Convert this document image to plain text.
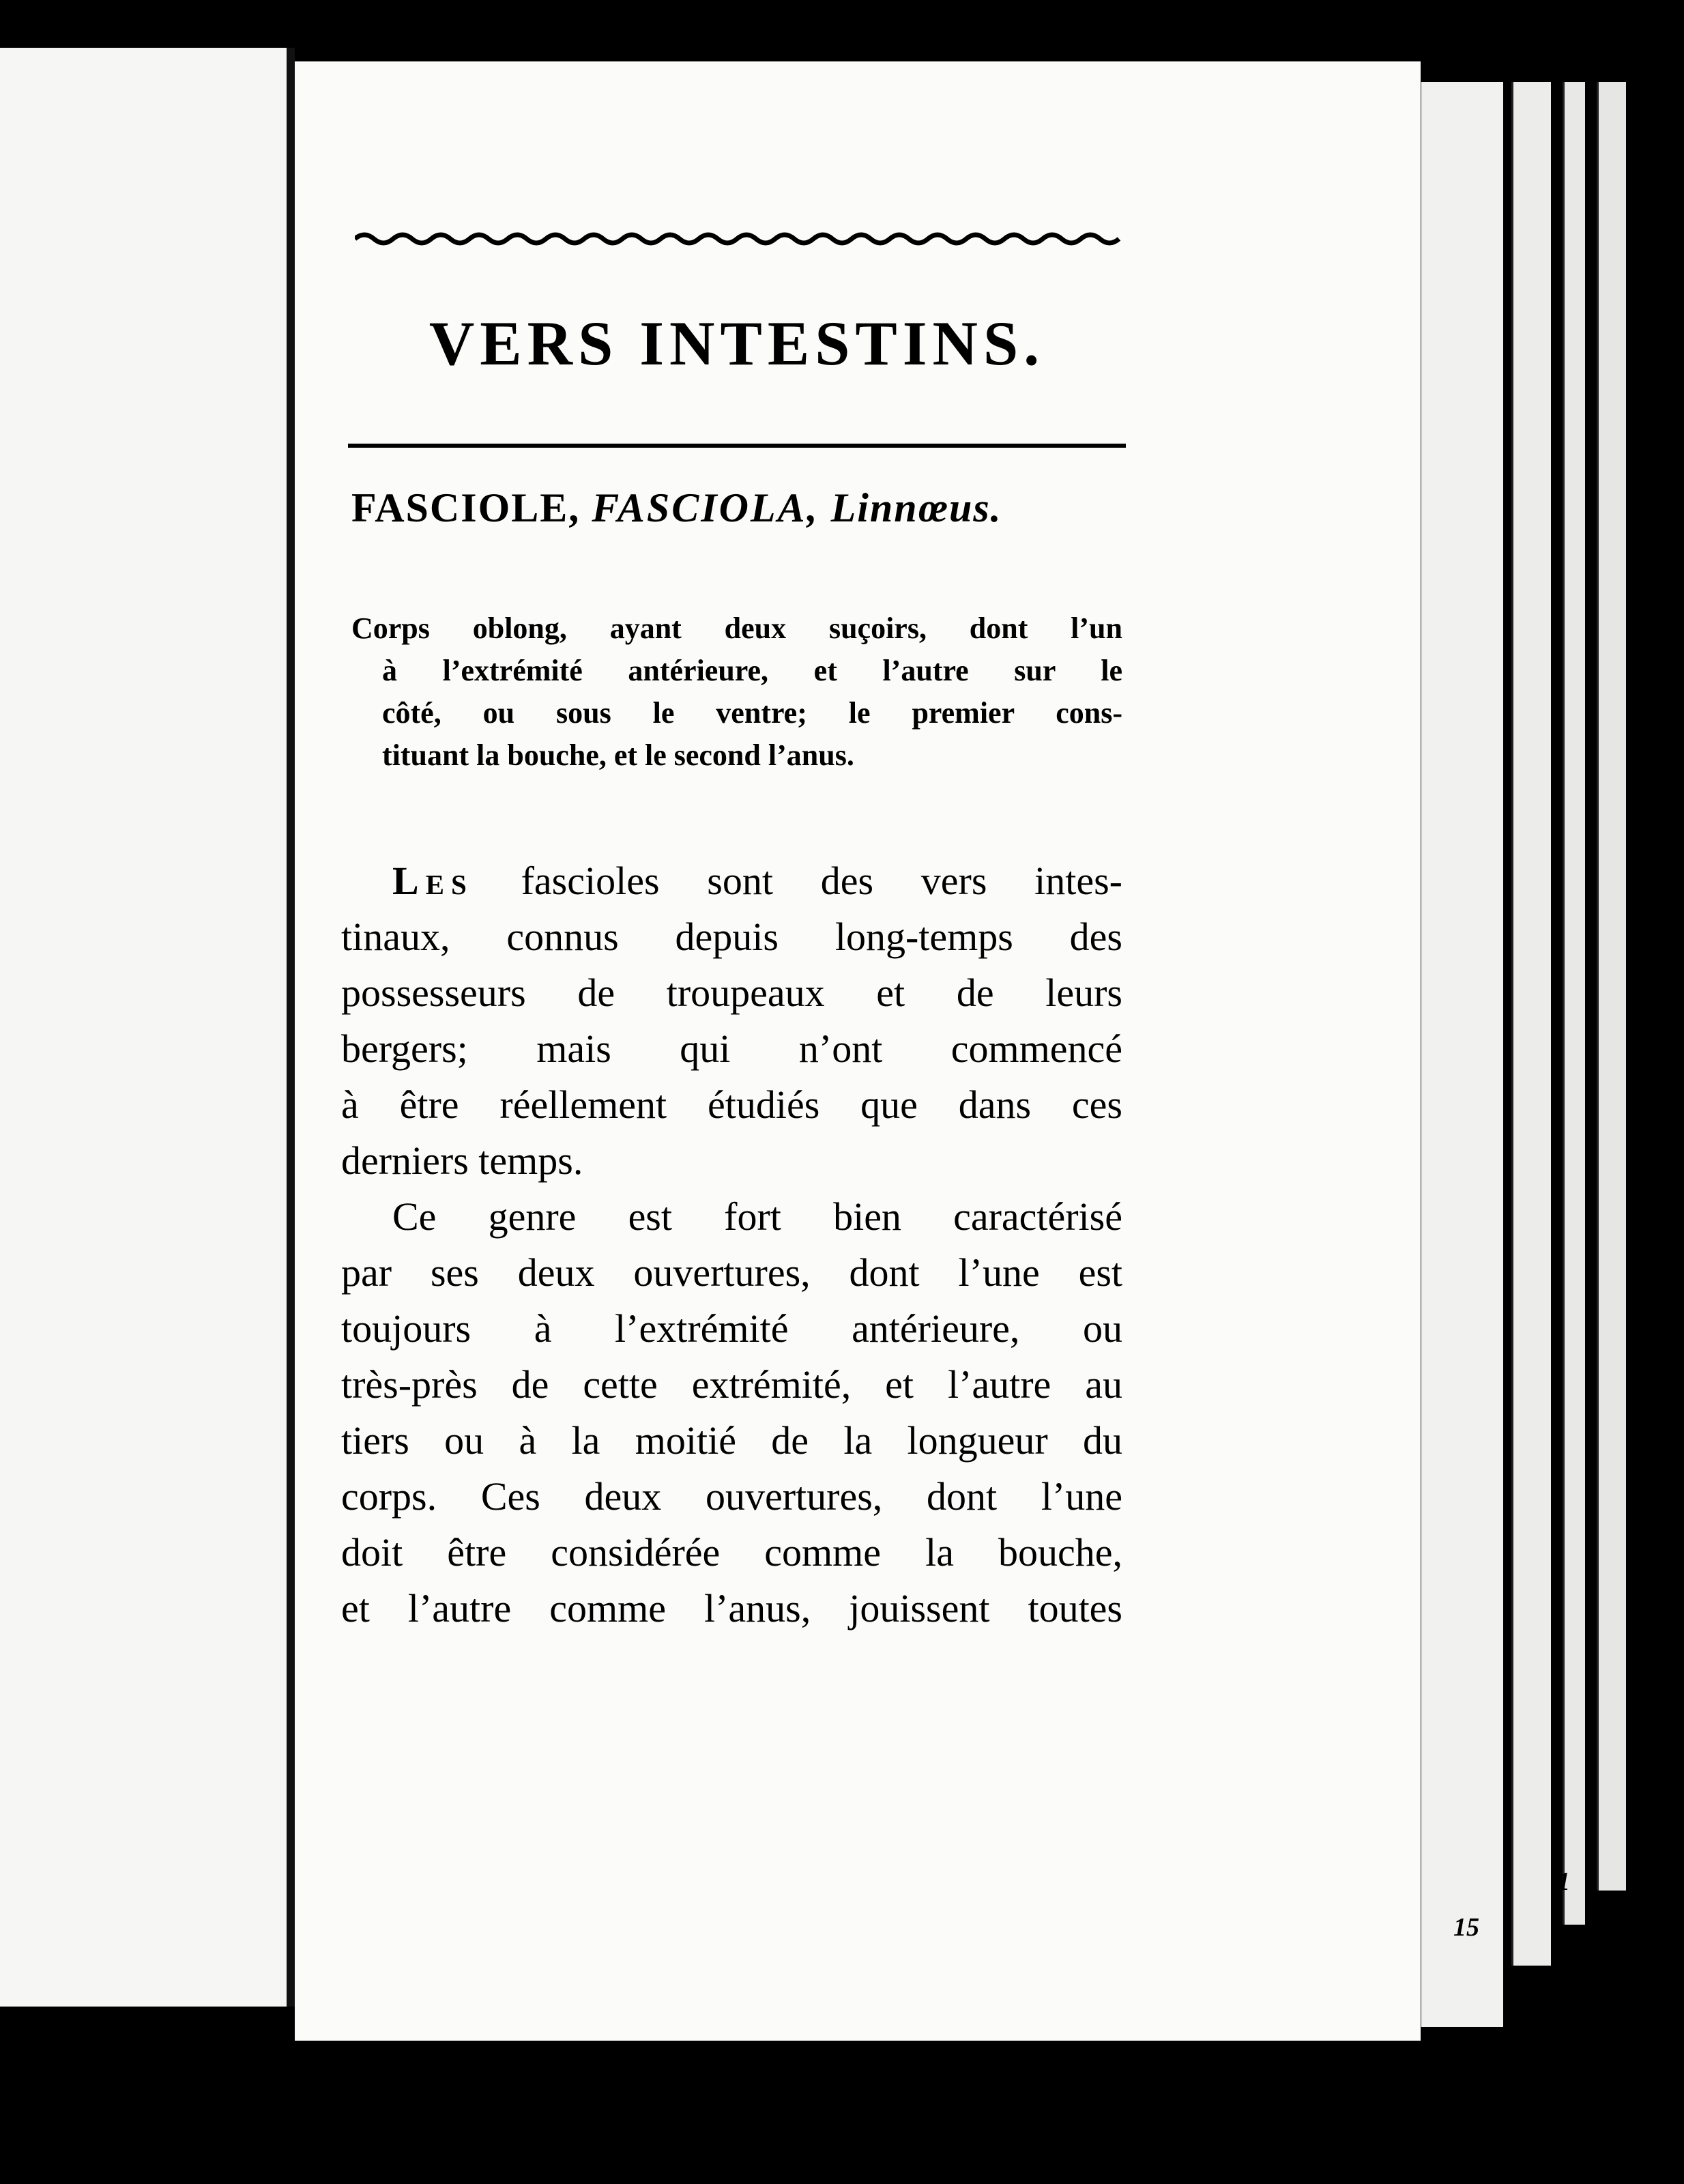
15
1
VERS INTESTINS.
FASCIOLE, FASCIOLA, Linnœus.
Corps oblong, ayant deux suçoirs, dont l’un
à l’extrémité antérieure, et l’autre sur le
côté, ou sous le ventre; le premier cons-
tituant la bouche, et le second l’anus.
Les fascioles sont des vers intes-
tinaux, connus depuis long-temps des
possesseurs de troupeaux et de leurs
bergers; mais qui n’ont commencé
à être réellement étudiés que dans ces
derniers temps.
Ce genre est fort bien caractérisé
par ses deux ouvertures, dont l’une est
toujours à l’extrémité antérieure, ou
très-près de cette extrémité, et l’autre au
tiers ou à la moitié de la longueur du
corps. Ces deux ouvertures, dont l’une
doit être considérée comme la bouche,
et l’autre comme l’anus, jouissent toutes
